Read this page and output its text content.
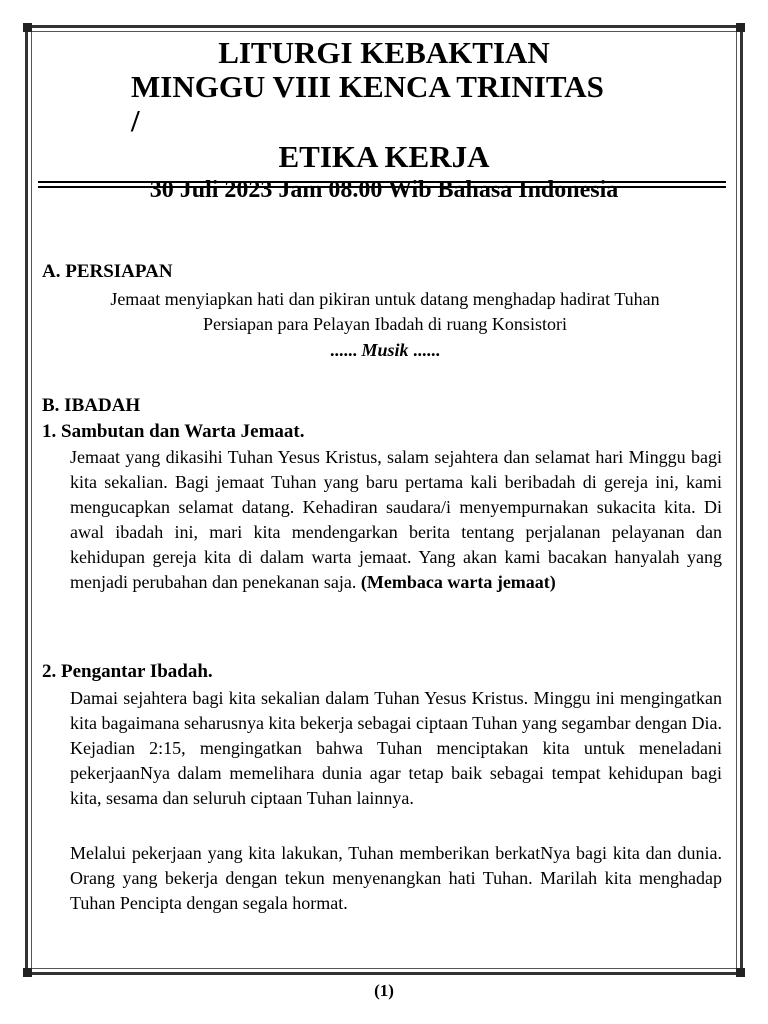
LITURGI KEBAKTIAN
MINGGU VIII KENCA TRINITAS
/
ETIKA KERJA
30 Juli 2023 Jam 08.00 Wib Bahasa Indonesia
A. PERSIAPAN
Jemaat menyiapkan hati dan pikiran untuk datang menghadap hadirat Tuhan
Persiapan para Pelayan Ibadah di ruang Konsistori
...... Musik ......
B. IBADAH
1. Sambutan dan Warta Jemaat.

Jemaat yang dikasihi Tuhan Yesus Kristus, salam sejahtera dan selamat hari Minggu bagi kita sekalian. Bagi jemaat Tuhan yang baru pertama kali beribadah di gereja ini, kami mengucapkan selamat datang. Kehadiran saudara/i menyempurnakan sukacita kita. Di awal ibadah ini, mari kita mendengarkan berita tentang perjalanan pelayanan dan kehidupan gereja kita di dalam warta jemaat. Yang akan kami bacakan hanyalah yang menjadi perubahan dan penekanan saja. (Membaca warta jemaat)

2. Pengantar Ibadah.

Damai sejahtera bagi kita sekalian dalam Tuhan Yesus Kristus. Minggu ini mengingatkan kita bagaimana seharusnya kita bekerja sebagai ciptaan Tuhan yang segambar dengan Dia. Kejadian 2:15, mengingatkan bahwa Tuhan menciptakan kita untuk meneladani pekerjaanNya dalam memelihara dunia agar tetap baik sebagai tempat kehidupan bagi kita, sesama dan seluruh ciptaan Tuhan lainnya.

Melalui pekerjaan yang kita lakukan, Tuhan memberikan berkatNya bagi kita dan dunia. Orang yang bekerja dengan tekun menyenangkan hati Tuhan. Marilah kita menghadap Tuhan Pencipta dengan segala hormat.

(1)
